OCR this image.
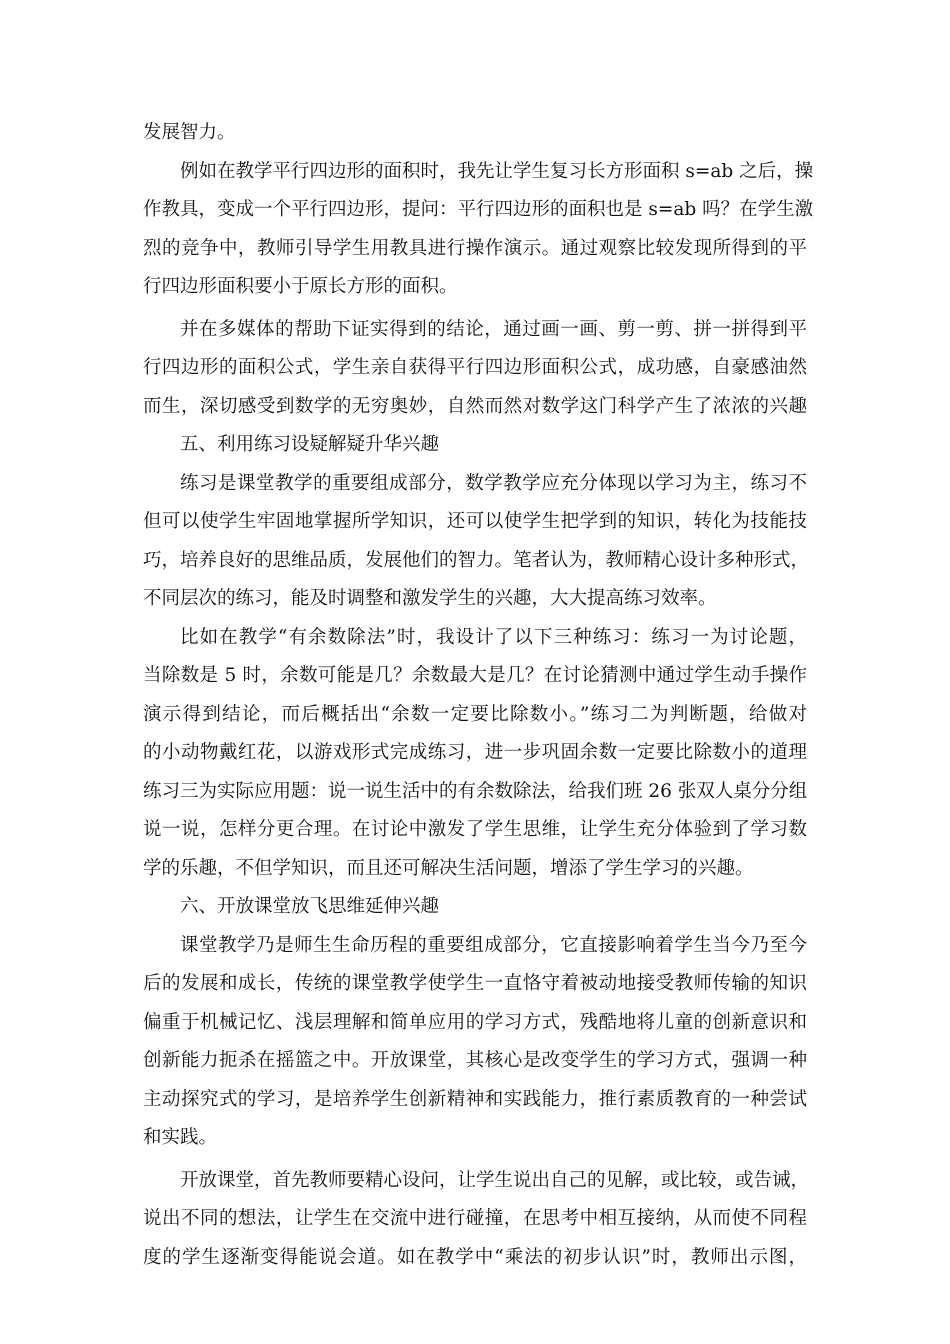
发展智力。
例如在教学平行四边形的面积时，我先让学生复习长方形面积 s=ab 之后，操
作教具，变成一个平行四边形，提问：平行四边形的面积也是 s=ab 吗？在学生激
烈的竞争中，教师引导学生用教具进行操作演示。通过观察比较发现所得到的平
行四边形面积要小于原长方形的面积。
并在多媒体的帮助下证实得到的结论，通过画一画、剪一剪、拼一拼得到平
行四边形的面积公式，学生亲自获得平行四边形面积公式，成功感，自豪感油然
而生，深切感受到数学的无穷奥妙，自然而然对数学这门科学产生了浓浓的兴趣
五、利用练习设疑解疑升华兴趣
练习是课堂教学的重要组成部分，数学教学应充分体现以学习为主，练习不
但可以使学生牢固地掌握所学知识，还可以使学生把学到的知识，转化为技能技
巧，培养良好的思维品质，发展他们的智力。笔者认为，教师精心设计多种形式，
不同层次的练习，能及时调整和激发学生的兴趣，大大提高练习效率。
比如在教学“有余数除法”时，我设计了以下三种练习：练习一为讨论题，
当除数是 5 时，余数可能是几？余数最大是几？在讨论猜测中通过学生动手操作
演示得到结论，而后概括出“余数一定要比除数小。”练习二为判断题，给做对
的小动物戴红花，以游戏形式完成练习，进一步巩固余数一定要比除数小的道理
练习三为实际应用题：说一说生活中的有余数除法，给我们班 26 张双人桌分分组
说一说，怎样分更合理。在讨论中激发了学生思维，让学生充分体验到了学习数
学的乐趣，不但学知识，而且还可解决生活问题，增添了学生学习的兴趣。
六、开放课堂放飞思维延伸兴趣
课堂教学乃是师生生命历程的重要组成部分，它直接影响着学生当今乃至今
后的发展和成长，传统的课堂教学使学生一直恪守着被动地接受教师传输的知识
偏重于机械记忆、浅层理解和简单应用的学习方式，残酷地将儿童的创新意识和
创新能力扼杀在摇篮之中。开放课堂，其核心是改变学生的学习方式，强调一种
主动探究式的学习，是培养学生创新精神和实践能力，推行素质教育的一种尝试
和实践。
开放课堂，首先教师要精心设问，让学生说出自己的见解，或比较，或告诫，
说出不同的想法，让学生在交流中进行碰撞，在思考中相互接纳，从而使不同程
度的学生逐渐变得能说会道。如在教学中“乘法的初步认识”时，教师出示图，
